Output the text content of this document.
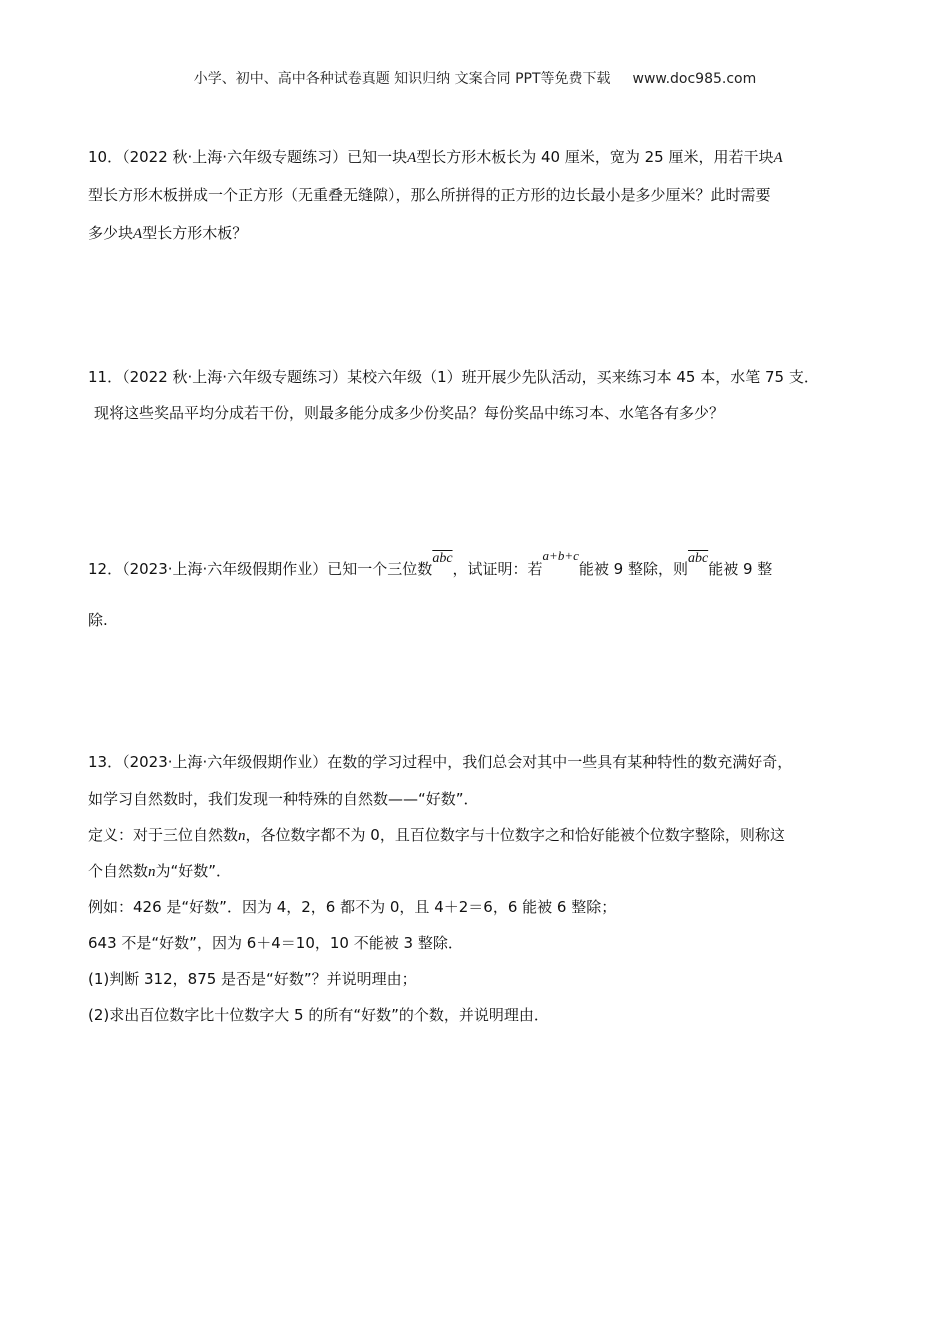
小学、初中、高中各种试卷真题 知识归纳 文案合同 PPT等免费下载 www.doc985.com
10．（2022 秋·上海·六年级专题练习）已知一块A型长方形木板长为 40 厘米，宽为 25 厘米，用若干块A
型长方形木板拼成一个正方形（无重叠无缝隙），那么所拼得的正方形的边长最小是多少厘米？此时需要
多少块A型长方形木板？
11．（2022 秋·上海·六年级专题练习）某校六年级（1）班开展少先队活动，买来练习本 45 本，水笔 75 支．
现将这些奖品平均分成若干份，则最多能分成多少份奖品？每份奖品中练习本、水笔各有多少？
12．（2023·上海·六年级假期作业）已知一个三位数$\overline{abc}$，试证明：若a+b+c能被 9 整除，则$\overline{abc}$能被 9 整
除.
13．（2023·上海·六年级假期作业）在数的学习过程中，我们总会对其中一些具有某种特性的数充满好奇，
如学习自然数时，我们发现一种特殊的自然数——“好数”．
定义：对于三位自然数n，各位数字都不为 0，且百位数字与十位数字之和恰好能被个位数字整除，则称这
个自然数n为“好数”．
例如：426 是“好数”．因为 4，2，6 都不为 0，且 4＋2＝6，6 能被 6 整除；
643 不是“好数”，因为 6＋4＝10，10 不能被 3 整除．
(1)判断 312，875 是否是“好数”？并说明理由；
(2)求出百位数字比十位数字大 5 的所有“好数”的个数，并说明理由．
